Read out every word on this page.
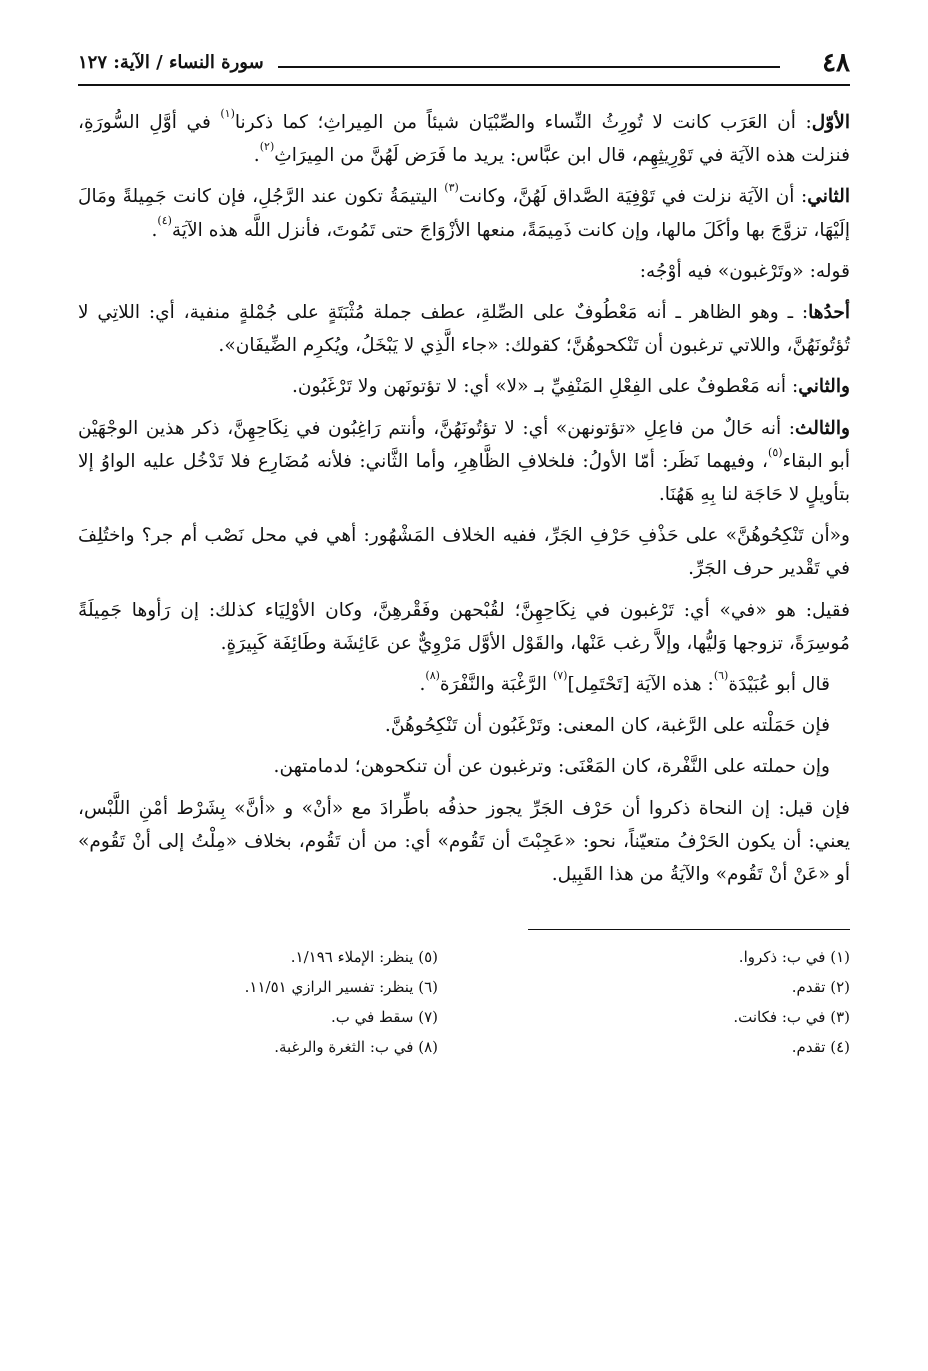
٤٨
سورة النساء / الآية: ١٢٧

الأوّل: أن العَرَب كانت لا تُورِثُ النِّساء والصِّبْيَان شيئاً من المِيراثِ؛ كما ذكرنا$^{(١)}$ في أوَّلِ السُّورَةِ، فنزلت هذه الآيَة في تَوْرِيثِهِم، قال ابن عبَّاس: يريد ما فَرَض لَهُنَّ من المِيرَاثِ$^{(٢)}$.

الثاني: أن الآيَة نزلت في تَوْفِيَة الصَّداق لَهُنَّ، وكانت$^{(٣)}$ اليتيمَةُ تكون عند الرَّجُلِ، فإن كانت جَمِيلةً ومَالَ إلَيْهَا، تزوَّجَ بها وأكَلَ مالها، وإن كانت ذَمِيمَةً، منعها الأزْوَاجَ حتى تَمُوتَ، فأنزل اللَّه هذه الآيَة$^{(٤)}$.

قوله: «وتَرْغبون» فيه أوْجُه:

أحدُها: ـ وهو الظاهر ـ أنه مَعْطُوفٌ على الصِّلةِ، عطف جملة مُثْبَتَةٍ على جُمْلةٍ منفية، أي: اللاتِي لا تُؤتُونَهُنَّ، واللاتي ترغبون أن تَنْكحوهُنَّ؛ كقولك: «جاء الَّذِي لا يَبْخَلُ، ويُكرِم الضِّيفَان».

والثاني: أنه مَعْطوفٌ على الفِعْلِ المَنْفِيِّ بـ «لا» أي: لا تؤتونَهن ولا تَرْغَبُون.

والثالث: أنه حَالٌ من فاعِلِ «تؤتونهن» أي: لا تؤتُونَهُنَّ، وأنتم رَاغِبُون في نِكَاحِهِنَّ، ذكر هذين الوجْهَيْن أبو البقاء$^{(٥)}$، وفيهما نَظَر: أمّا الأولُ: فلخلافِ الظَّاهِرِ، وأما الثَّاني: فلأنه مُضَارِع فلا تَدْخُل عليه الواوُ إلا بتأويلٍ لا حَاجَة لنا بِهِ هَهُنَا.

و«أن تَنْكِحُوهُنَّ» على حَذْفِ حَرْفِ الجَرِّ، ففيه الخلاف المَشْهُور: أهي في محل نَصْب أم جر؟ واختُلِفَ في تَقْدير حرف الجَرِّ.

فقيل: هو «في» أي: تَرْغبون في نِكَاحِهِنَّ؛ لقُبْحهن وفَقْرهِنَّ، وكان الأوْلِيَاء كذلك: إن رَأوها جَمِيلَةً مُوسِرَةً، تزوجها وَليُّها، وإلاَّ رغب عَنْها، والقَوْل الأوَّل مَرْوِيٌّ عن عَائِشَة وطَائِفَة كَبِيرَةٍ.

قال أبو عُبَيْدَة$^{(٦)}$: هذه الآيَة [تَحْتَمِل]$^{(٧)}$ الرَّغْبَة والنَّفْرَة$^{(٨)}$.

فإن حَمَلْته على الرَّغبة، كان المعنى: وتَرْغَبُون أن تَنْكِحُوهُنَّ.

وإن حملته على النَّفْرة، كان المَعْنَى: وترغبون عن أن تنكحوهن؛ لدمامتهن.

فإن قيل: إن النحاة ذكروا أن حَرْف الجَرِّ يجوز حذفُه باطِّرادَ مع «أنْ» و «أنَّ» بِشَرْط أمْنِ اللَّبْس، يعني: أن يكون الحَرْفُ متعيّناً، نحو: «عَجِبْتَ أن تَقُوم» أي: من أن تَقُوم، بخلاف «مِلْتُ إلى أنْ تَقُوم» أو «عَنْ أنْ تَقُوم» والآيَةُ من هذا القَبِيل.

(١) في ب: ذكروا.
(٢) تقدم.
(٣) في ب: فكانت.
(٤) تقدم.
(٥) ينظر: الإملاء ١/١٩٦.
(٦) ينظر: تفسير الرازي ١١/٥١.
(٧) سقط في ب.
(٨) في ب: الثغرة والرغبة.
